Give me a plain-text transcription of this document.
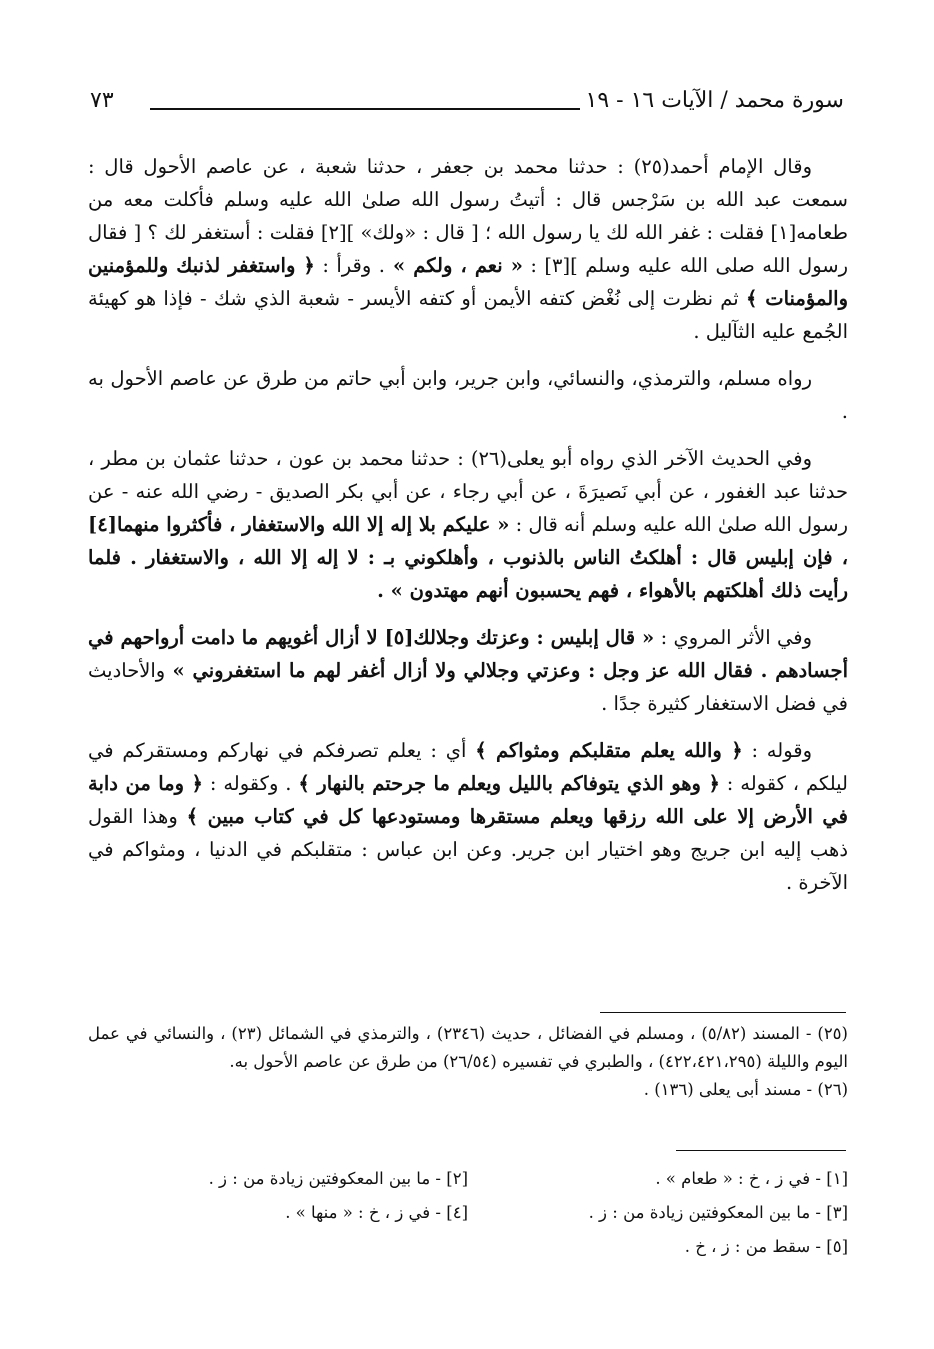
٧٣	سورة محمد / الآيات ١٦ - ١٩

وقال الإمام أحمد(٢٥) : حدثنا محمد بن جعفر ، حدثنا شعبة ، عن عاصم الأحول قال : سمعت عبد الله بن سَرْجس قال : أتيتُ رسول الله صلىٰ الله عليه وسلم فأكلت معه من طعامه[١] فقلت : غفر الله لك يا رسول الله ؛ [ قال : «ولك» ][٢] فقلت : أستغفر لك ؟ [ فقال رسول الله صلى الله عليه وسلم ][٣] : « نعم ، ولكم » . وقرأ : ﴿ واستغفر لذنبك وللمؤمنين والمؤمنات ﴾ ثم نظرت إلى نُغْض كتفه الأيمن أو كتفه الأيسر - شعبة الذي شك - فإذا هو كهيئة الجُمع عليه الثآليل .

رواه مسلم، والترمذي، والنسائي، وابن جرير، وابن أبي حاتم من طرق عن عاصم الأحول به .

وفي الحديث الآخر الذي رواه أبو يعلى(٢٦) : حدثنا محمد بن عون ، حدثنا عثمان بن مطر ، حدثنا عبد الغفور ، عن أبي نَصيرَةَ ، عن أبي رجاء ، عن أبي بكر الصديق - رضي الله عنه - عن رسول الله صلىٰ الله عليه وسلم أنه قال : « عليكم بلا إله إلا الله والاستغفار ، فأكثروا منهما[٤] ، فإن إبليس قال : أهلكتُ الناس بالذنوب ، وأهلكوني بـ : لا إله إلا الله ، والاستغفار . فلما رأيت ذلك أهلكتهم بالأهواء ، فهم يحسبون أنهم مهتدون » .

وفي الأثر المروي : « قال إبليس : وعزتك وجلالك[٥] لا أزال أغويهم ما دامت أرواحهم في أجسادهم . فقال الله عز وجل : وعزتي وجلالي ولا أزال أغفر لهم ما استغفروني » والأحاديث في فضل الاستغفار كثيرة جدًا .

وقوله : ﴿ والله يعلم متقلبكم ومثواكم ﴾ أي : يعلم تصرفكم في نهاركم ومستقركم في ليلكم ، كقوله : ﴿ وهو الذي يتوفاكم بالليل ويعلم ما جرحتم بالنهار ﴾ . وكقوله : ﴿ وما من دابة في الأرض إلا على الله رزقها ويعلم مستقرها ومستودعها كل في كتاب مبين ﴾ وهذا القول ذهب إليه ابن جريج وهو اختيار ابن جرير. وعن ابن عباس : متقلبكم في الدنيا ، ومثواكم في الآخرة .

(٢٥) - المسند (٥/٨٢) ، ومسلم في الفضائل ، حديث (٢٣٤٦) ، والترمذي في الشمائل (٢٣) ، والنسائي في عمل اليوم والليلة (٤٢٢،٤٢١،٢٩٥) ، والطبري في تفسيره (٢٦/٥٤) من طرق عن عاصم الأحول به.

(٢٦) - مسند أبى يعلى (١٣٦) .

[١] - في ز ، خ : « طعام » .
[٢] - ما بين المعكوفتين زيادة من : ز .
[٣] - ما بين المعكوفتين زيادة من : ز .
[٤] - في ز ، خ : « منها » .
[٥] - سقط من : ز ، خ .
